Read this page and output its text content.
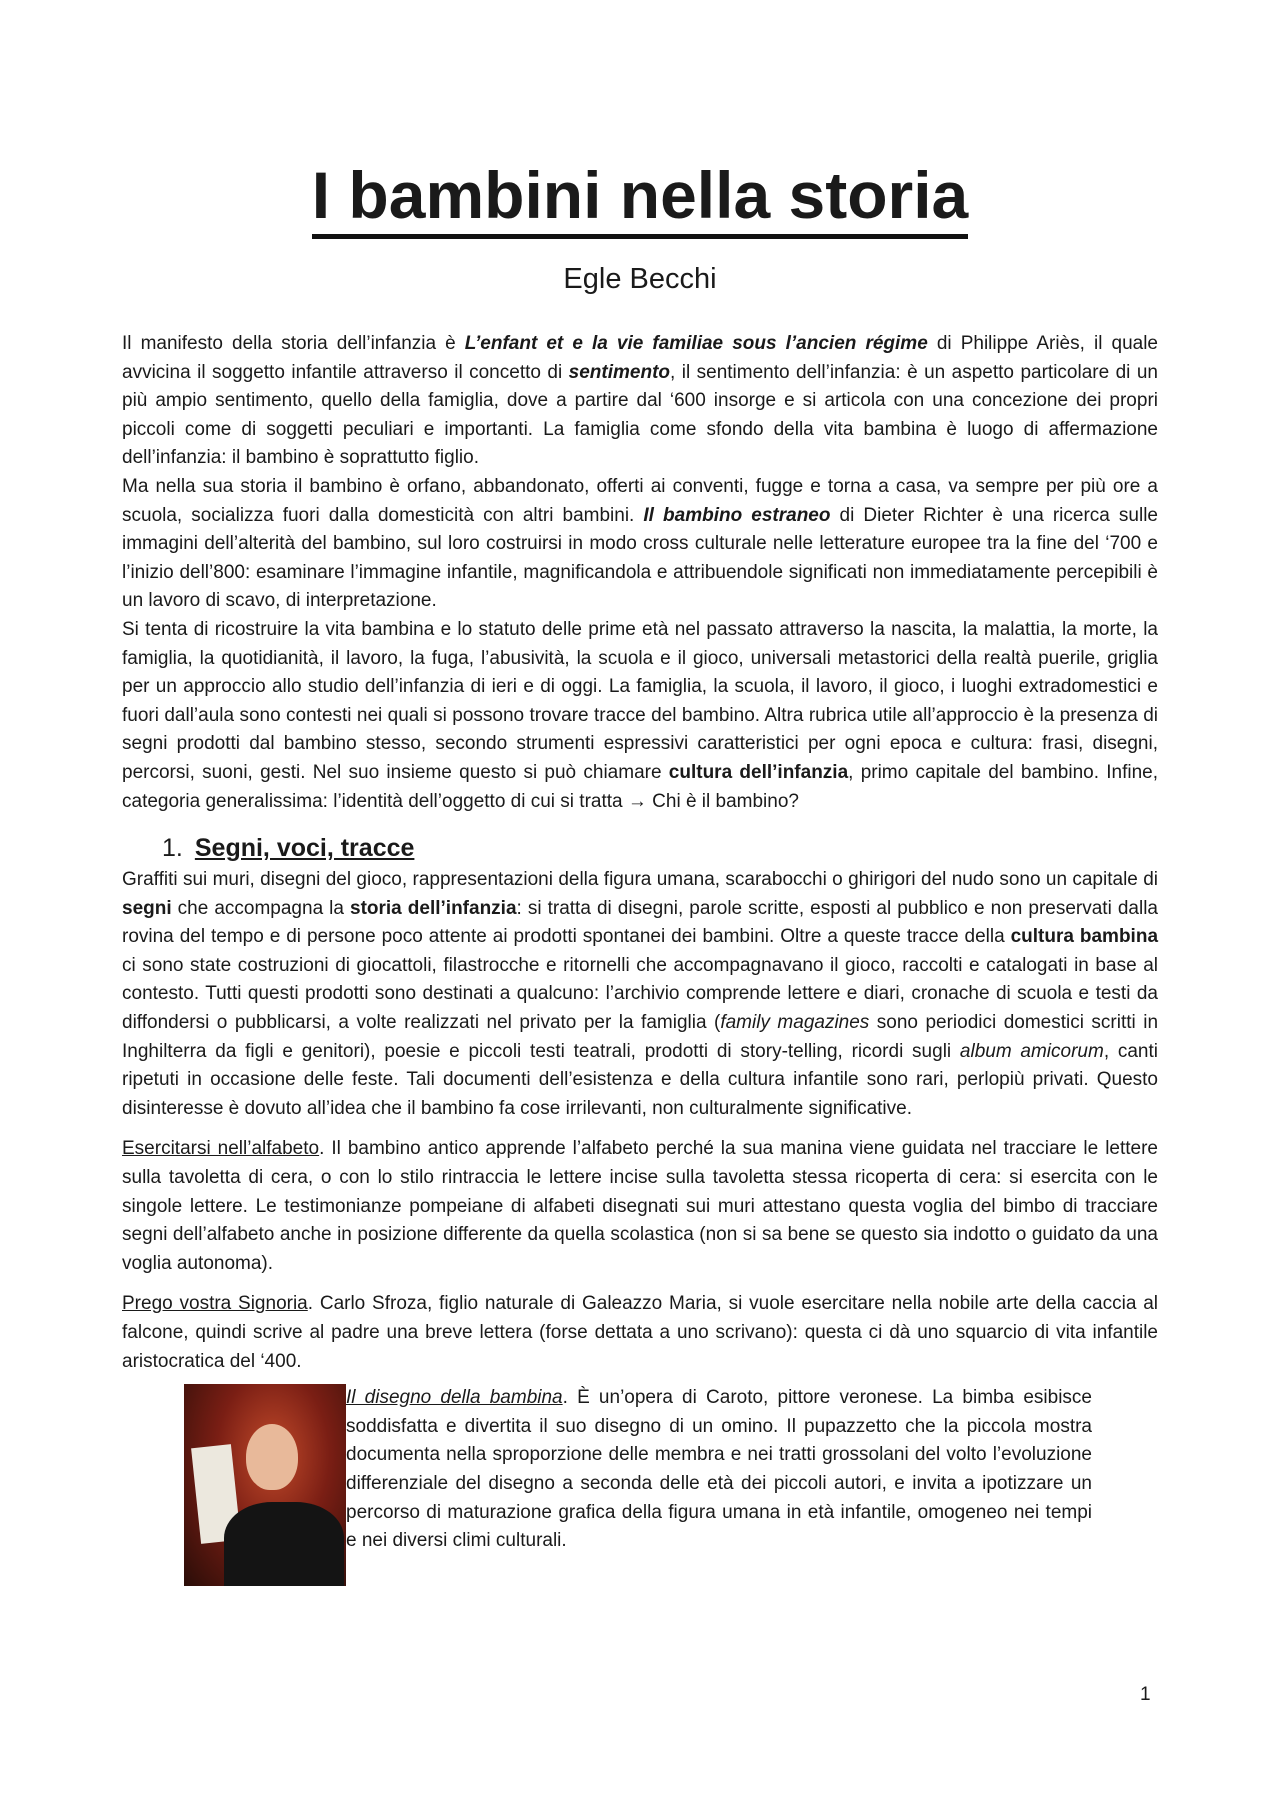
I bambini nella storia
Egle Becchi

Il manifesto della storia dell’infanzia è L’enfant et e la vie familiae sous l’ancien régime di Philippe Ariès, il quale avvicina il soggetto infantile attraverso il concetto di sentimento, il sentimento dell’infanzia: è un aspetto particolare di un più ampio sentimento, quello della famiglia, dove a partire dal ‘600 insorge e si articola con una concezione dei propri piccoli come di soggetti peculiari e importanti. La famiglia come sfondo della vita bambina è luogo di affermazione dell’infanzia: il bambino è soprattutto figlio.

Ma nella sua storia il bambino è orfano, abbandonato, offerti ai conventi, fugge e torna a casa, va sempre per più ore a scuola, socializza fuori dalla domesticità con altri bambini. Il bambino estraneo di Dieter Richter è una ricerca sulle immagini dell’alterità del bambino, sul loro costruirsi in modo cross culturale nelle letterature europee tra la fine del ‘700 e l’inizio dell’800: esaminare l’immagine infantile, magnificandola e attribuendole significati non immediatamente percepibili è un lavoro di scavo, di interpretazione.

Si tenta di ricostruire la vita bambina e lo statuto delle prime età nel passato attraverso la nascita, la malattia, la morte, la famiglia, la quotidianità, il lavoro, la fuga, l’abusività, la scuola e il gioco, universali metastorici della realtà puerile, griglia per un approccio allo studio dell’infanzia di ieri e di oggi. La famiglia, la scuola, il lavoro, il gioco, i luoghi extradomestici e fuori dall’aula sono contesti nei quali si possono trovare tracce del bambino. Altra rubrica utile all’approccio è la presenza di segni prodotti dal bambino stesso, secondo strumenti espressivi caratteristici per ogni epoca e cultura: frasi, disegni, percorsi, suoni, gesti. Nel suo insieme questo si può chiamare cultura dell’infanzia, primo capitale del bambino. Infine, categoria generalissima: l’identità dell’oggetto di cui si tratta → Chi è il bambino?

1. Segni, voci, tracce

Graffiti sui muri, disegni del gioco, rappresentazioni della figura umana, scarabocchi o ghirigori del nudo sono un capitale di segni che accompagna la storia dell’infanzia: si tratta di disegni, parole scritte, esposti al pubblico e non preservati dalla rovina del tempo e di persone poco attente ai prodotti spontanei dei bambini. Oltre a queste tracce della cultura bambina ci sono state costruzioni di giocattoli, filastrocche e ritornelli che accompagnavano il gioco, raccolti e catalogati in base al contesto. Tutti questi prodotti sono destinati a qualcuno: l’archivio comprende lettere e diari, cronache di scuola e testi da diffondersi o pubblicarsi, a volte realizzati nel privato per la famiglia (family magazines sono periodici domestici scritti in Inghilterra da figli e genitori), poesie e piccoli testi teatrali, prodotti di story-telling, ricordi sugli album amicorum, canti ripetuti in occasione delle feste. Tali documenti dell’esistenza e della cultura infantile sono rari, perlopiù privati. Questo disinteresse è dovuto all’idea che il bambino fa cose irrilevanti, non culturalmente significative.

Esercitarsi nell’alfabeto. Il bambino antico apprende l’alfabeto perché la sua manina viene guidata nel tracciare le lettere sulla tavoletta di cera, o con lo stilo rintraccia le lettere incise sulla tavoletta stessa ricoperta di cera: si esercita con le singole lettere. Le testimonianze pompeiane di alfabeti disegnati sui muri attestano questa voglia del bimbo di tracciare segni dell’alfabeto anche in posizione differente da quella scolastica (non si sa bene se questo sia indotto o guidato da una voglia autonoma).

Prego vostra Signoria. Carlo Sfroza, figlio naturale di Galeazzo Maria, si vuole esercitare nella nobile arte della caccia al falcone, quindi scrive al padre una breve lettera (forse dettata a uno scrivano): questa ci dà uno squarcio di vita infantile aristocratica del ‘400.

Il disegno della bambina. È un’opera di Caroto, pittore veronese. La bimba esibisce soddisfatta e divertita il suo disegno di un omino. Il pupazzetto che la piccola mostra documenta nella sproporzione delle membra e nei tratti grossolani del volto l’evoluzione differenziale del disegno a seconda delle età dei piccoli autori, e invita a ipotizzare un percorso di maturazione grafica della figura umana in età infantile, omogeneo nei tempi e nei diversi climi culturali.

1
